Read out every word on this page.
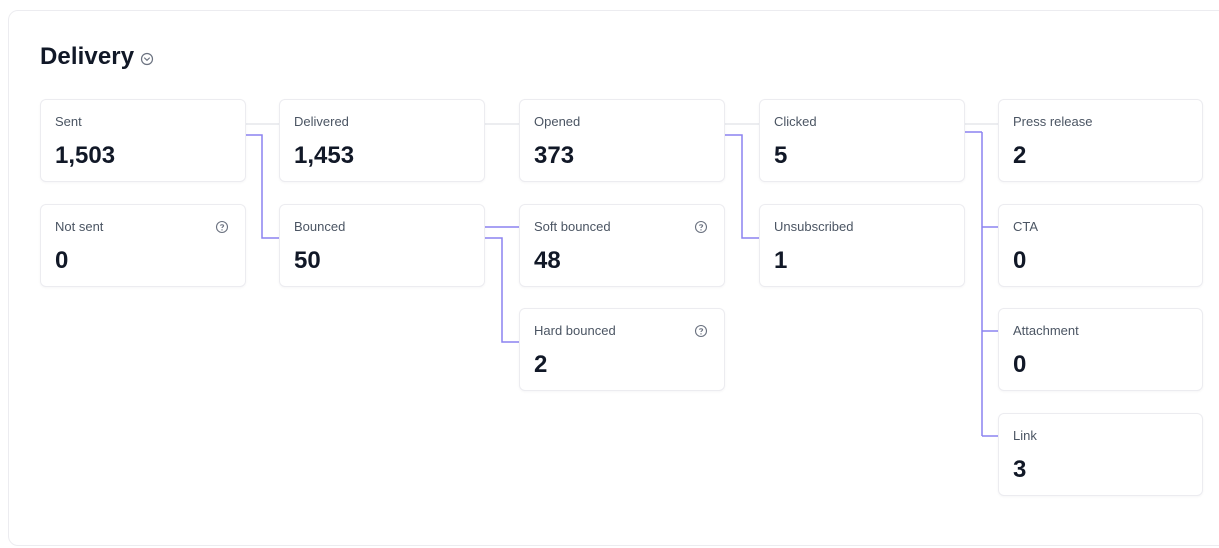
Delivery
Sent
1,503
Not sent
0
Delivered
1,453
Bounced
50
Opened
373
Soft bounced
48
Hard bounced
2
Clicked
5
Unsubscribed
1
Press release
2
CTA
0
Attachment
0
Link
3
